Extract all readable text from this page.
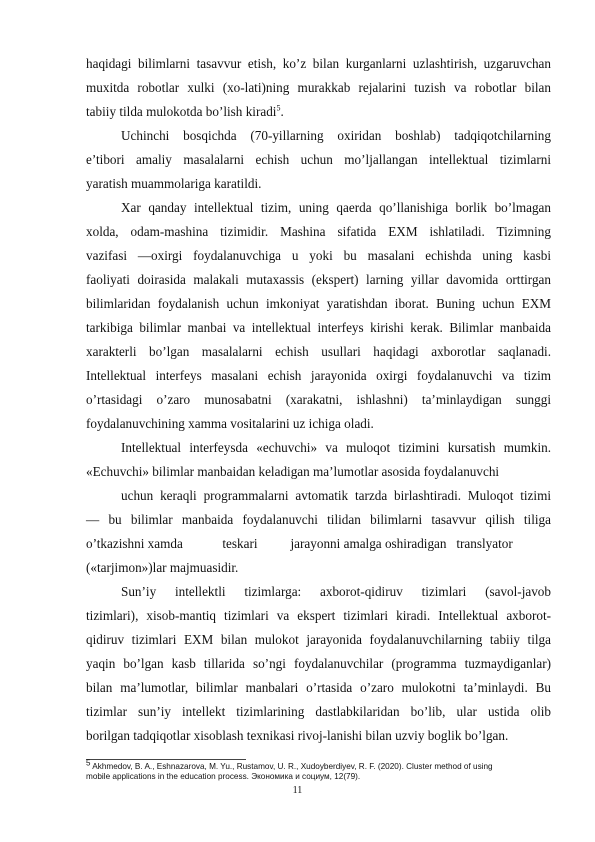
haqidagi bilimlarni tasavvur etish, ko’z bilan kurganlarni uzlashtirish, uzgaruvchan
muxitda robotlar xulki (xo-lati)ning murakkab rejalarini tuzish va robotlar bilan
tabiiy tilda mulokotda bo’lish kiradi$^5$.
Uchinchi bosqichda (70-yillarning oxiridan boshlab) tadqiqotchilarning
e’tibori amaliy masalalarni echish uchun mo’ljallangan intellektual tizimlarni
yaratish muammolariga karatildi.
Xar qanday intellektual tizim, uning qaerda qo’llanishiga borlik bo’lmagan
xolda, odam-mashina tizimidir. Mashina sifatida EXM ishlatiladi. Tizimning
vazifasi —oxirgi foydalanuvchiga u yoki bu masalani echishda uning kasbi
faoliyati doirasida malakali mutaxassis (ekspert) larning yillar davomida orttirgan
bilimlaridan foydalanish uchun imkoniyat yaratishdan iborat. Buning uchun EXM
tarkibiga bilimlar manbai va intellektual interfeys kirishi kerak. Bilimlar manbaida
xarakterli bo’lgan masalalarni echish usullari haqidagi axborotlar saqlanadi.
Intellektual interfeys masalani echish jarayonida oxirgi foydalanuvchi va tizim
o’rtasidagi o’zaro munosabatni (xarakatni, ishlashni) ta’minlaydigan sunggi
foydalanuvchining xamma vositalarini uz ichiga oladi.
Intellektual interfeysda «echuvchi» va muloqot tizimini kursatish mumkin.
«Echuvchi» bilimlar manbaidan keladigan ma’lumotlar asosida foydalanuvchi
uchun keraqli programmalarni avtomatik tarzda birlashtiradi. Muloqot tizimi
— bu bilimlar manbaida foydalanuvchi tilidan bilimlarni tasavvur qilish tiliga
o’tkazishni xamda            teskari          jarayonni amalga oshiradigan   translyator
(«tarjimon»)lar majmuasidir.
Sun’iy intellektli tizimlarga: axborot-qidiruv tizimlari (savol-javob
tizimlari), xisob-mantiq tizimlari va ekspert tizimlari kiradi. Intellektual axborot-
qidiruv tizimlari EXM bilan mulokot jarayonida foydalanuvchilarning tabiiy tilga
yaqin bo’lgan kasb tillarida so’ngi foydalanuvchilar (programma tuzmaydiganlar)
bilan ma’lumotlar, bilimlar manbalari o’rtasida o’zaro mulokotni ta’minlaydi. Bu
tizimlar sun’iy intellekt tizimlarining dastlabkilaridan bo’lib, ular ustida olib
borilgan tadqiqotlar xisoblash texnikasi rivoj-lanishi bilan uzviy boglik bo’lgan.
$^5$ Akhmedov, B. A., Eshnazarova, M. Yu., Rustamov, U. R., Xudoyberdiyev, R. F. (2020). Cluster method of using
mobile applications in the education process. Экономика и социум, 12(79).
11
